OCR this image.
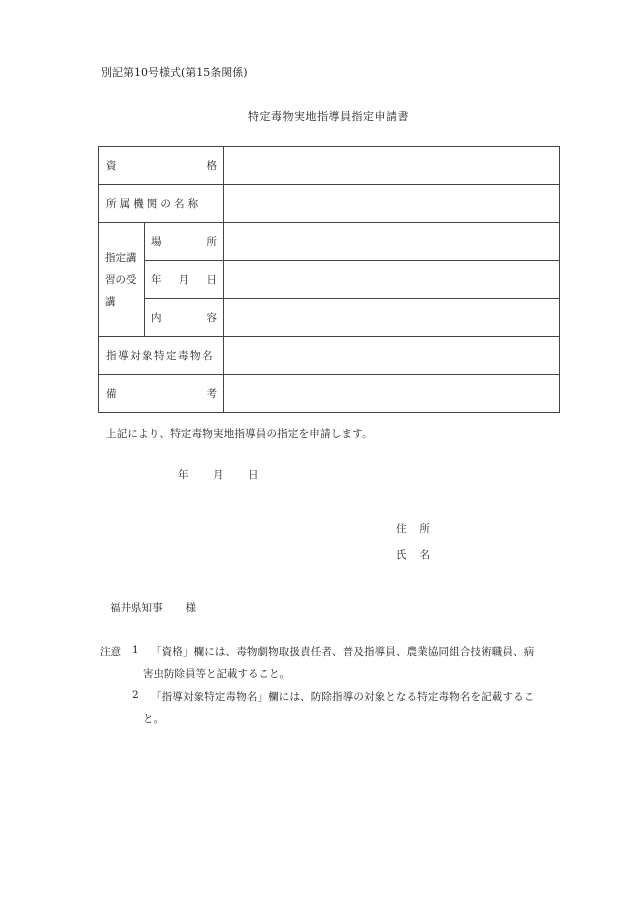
別記第10号様式(第15条関係)
特定毒物実地指導員指定申請書
資 格		

所属機関の名称		

指定講
習の受
講	場 所	

	年 月 日	

	内 容	

指導対象特定毒物名		

備 考		

上記により、特定毒物実地指導員の指定を申請します。
年 月 日
住 所
氏 名
福井県知事 様
注意 1 「資格」欄には、毒物劇物取扱責任者、普及指導員、農業協同組合技術職員、病
害虫防除員等と記載すること。
2 「指導対象特定毒物名」欄には、防除指導の対象となる特定毒物名を記載するこ
と。
